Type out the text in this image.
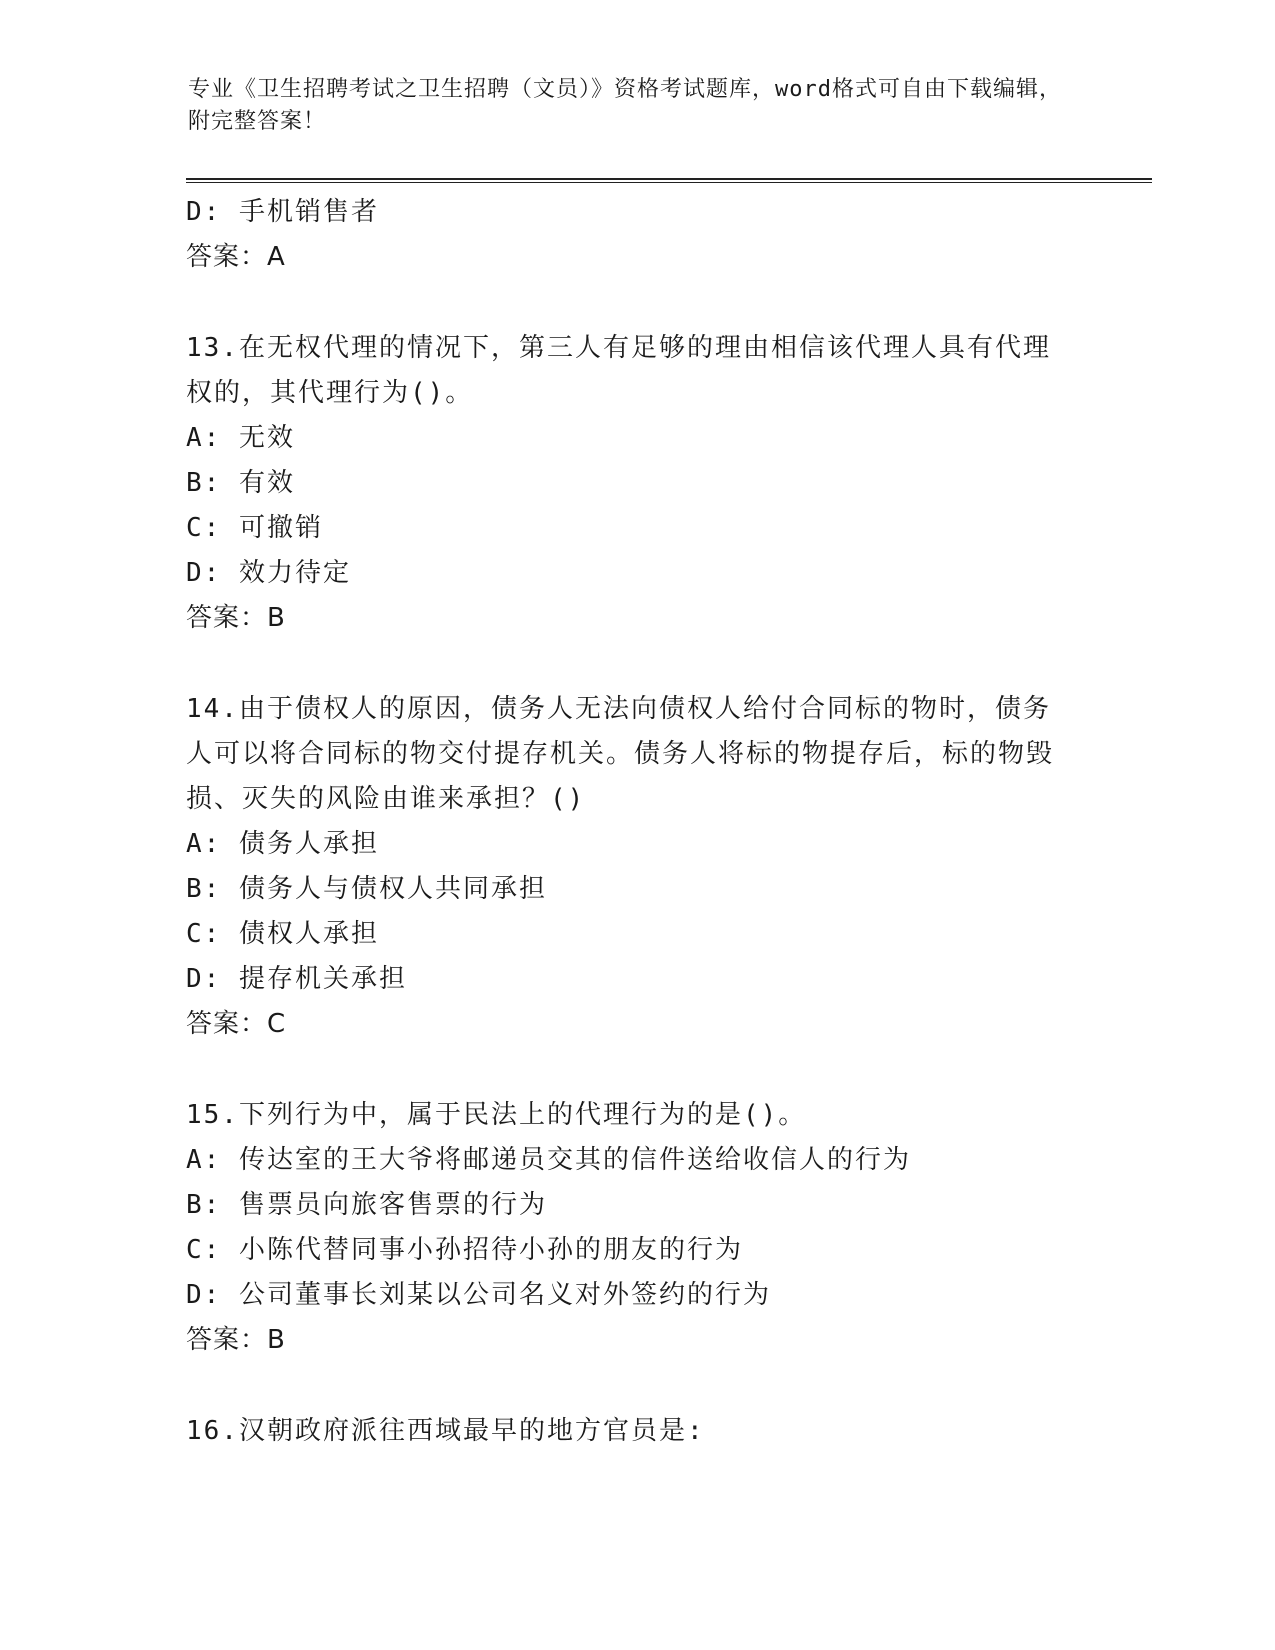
专业《卫生招聘考试之卫生招聘（文员）》资格考试题库，word格式可自由下载编辑，附完整答案！
D: 手机销售者
答案：A
13.在无权代理的情况下，第三人有足够的理由相信该代理人具有代理权的，其代理行为()。
A: 无效
B: 有效
C: 可撤销
D: 效力待定
答案：B
14.由于债权人的原因，债务人无法向债权人给付合同标的物时，债务人可以将合同标的物交付提存机关。债务人将标的物提存后，标的物毁损、灭失的风险由谁来承担？()
A: 债务人承担
B: 债务人与债权人共同承担
C: 债权人承担
D: 提存机关承担
答案：C
15.下列行为中，属于民法上的代理行为的是()。
A: 传达室的王大爷将邮递员交其的信件送给收信人的行为
B: 售票员向旅客售票的行为
C: 小陈代替同事小孙招待小孙的朋友的行为
D: 公司董事长刘某以公司名义对外签约的行为
答案：B
16.汉朝政府派往西域最早的地方官员是:
